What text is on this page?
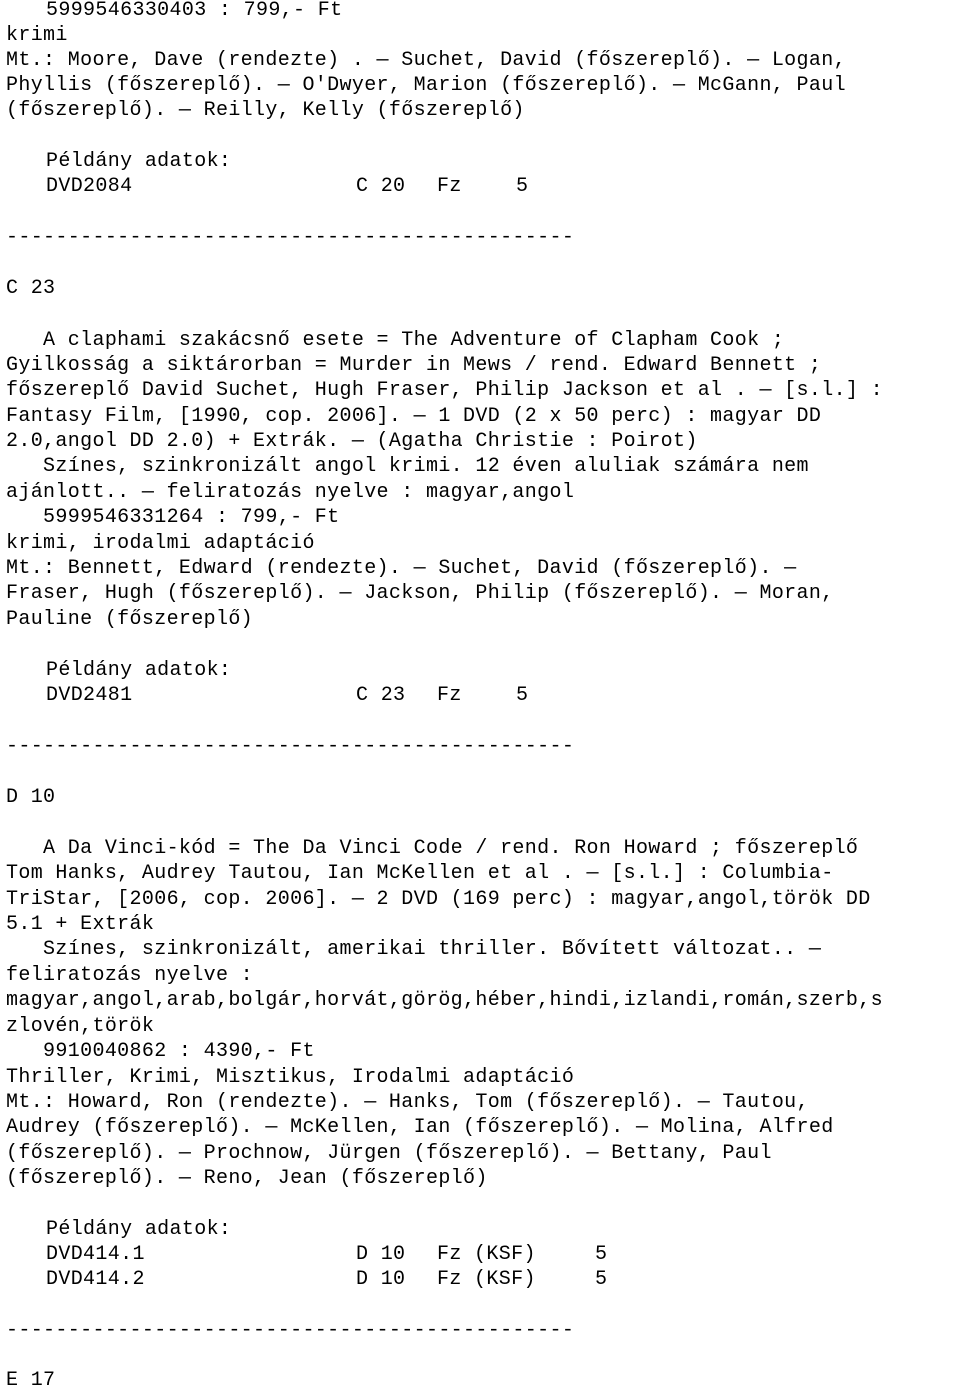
5999546330403 : 799,- Ft
krimi
Mt.: Moore, Dave (rendezte) . — Suchet, David (főszereplő). — Logan,
Phyllis (főszereplő). — O'Dwyer, Marion (főszereplő). — McGann, Paul
(főszereplő). — Reilly, Kelly (főszereplő)
Példány adatok:
DVD2084	C 20 Fz	5
----------------------------------------------
C 23
A claphami szakácsnő esete = The Adventure of Clapham Cook ;
Gyilkosság a siktárorban = Murder in Mews / rend. Edward Bennett ;
főszereplő David Suchet, Hugh Fraser, Philip Jackson et al . — [s.l.] :
Fantasy Film, [1990, cop. 2006]. — 1 DVD (2 x 50 perc) : magyar DD
2.0,angol DD 2.0) + Extrák. — (Agatha Christie : Poirot)
Színes, szinkronizált angol krimi. 12 éven aluliak számára nem
ajánlott.. — feliratozás nyelve : magyar,angol
5999546331264 : 799,- Ft
krimi, irodalmi adaptáció
Mt.: Bennett, Edward (rendezte). — Suchet, David (főszereplő). —
Fraser, Hugh (főszereplő). — Jackson, Philip (főszereplő). — Moran,
Pauline (főszereplő)
Példány adatok:
DVD2481	C 23 Fz	5
----------------------------------------------
D 10
A Da Vinci-kód = The Da Vinci Code / rend. Ron Howard ; főszereplő
Tom Hanks, Audrey Tautou, Ian McKellen et al . — [s.l.] : Columbia-
TriStar, [2006, cop. 2006]. — 2 DVD (169 perc) : magyar,angol,török DD
5.1 + Extrák
Színes, szinkronizált, amerikai thriller. Bővített változat.. —
feliratozás nyelve :
magyar,angol,arab,bolgár,horvát,görög,héber,hindi,izlandi,román,szerb,s
zlovén,török
9910040862 : 4390,- Ft
Thriller, Krimi, Misztikus, Irodalmi adaptáció
Mt.: Howard, Ron (rendezte). — Hanks, Tom (főszereplő). — Tautou,
Audrey (főszereplő). — McKellen, Ian (főszereplő). — Molina, Alfred
(főszereplő). — Prochnow, Jürgen (főszereplő). — Bettany, Paul
(főszereplő). — Reno, Jean (főszereplő)
Példány adatok:
DVD414.1	D 10 Fz (KSF)	5
DVD414.2	D 10 Fz (KSF)	5
----------------------------------------------
E 17
